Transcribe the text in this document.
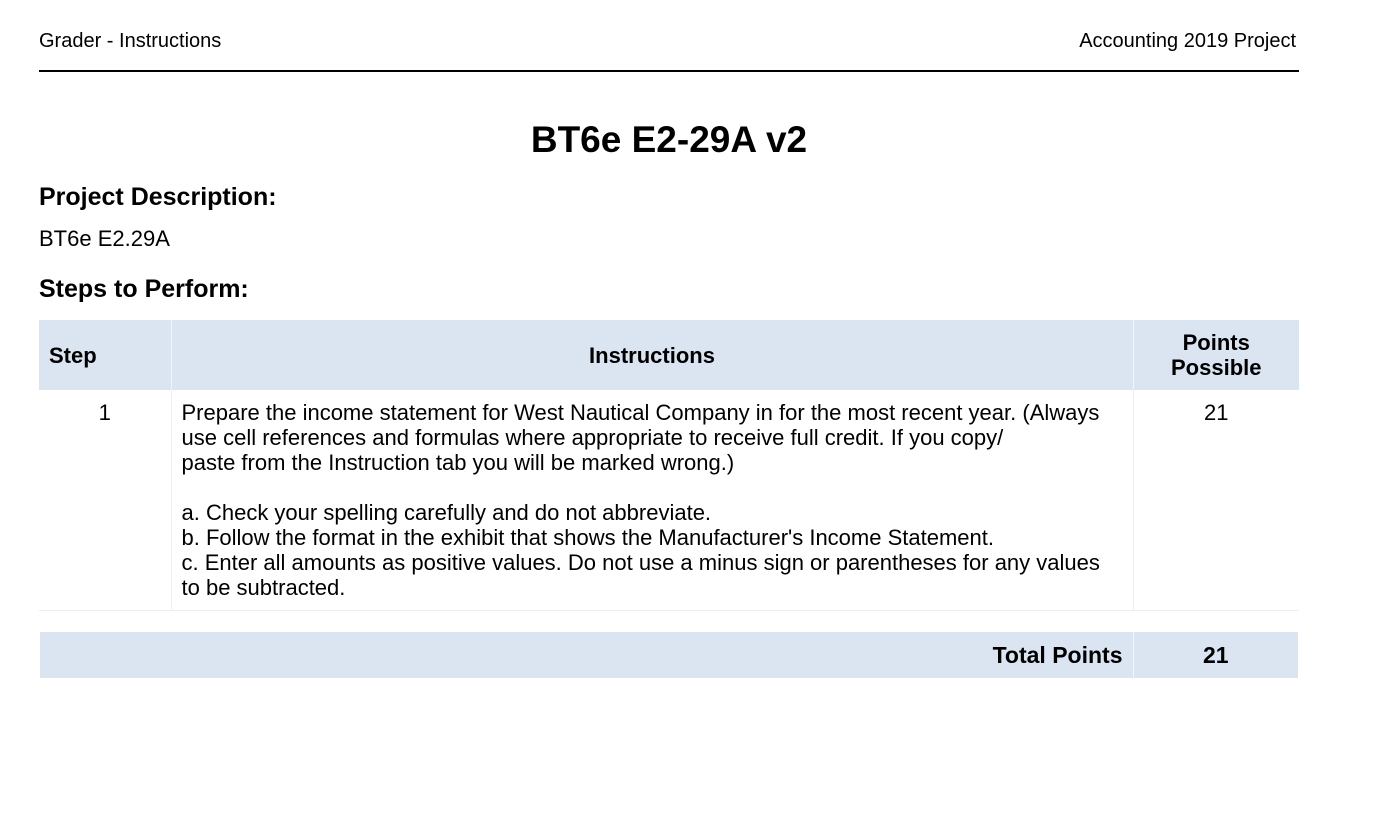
Grader - Instructions	Accounting 2019 Project
BT6e E2-29A v2
Project Description:
BT6e E2.29A
Steps to Perform:
Step	Instructions	Points
Possible

1	Prepare the income statement for West Nautical Company in for the most recent year. (Always use cell references and formulas where appropriate to receive full credit. If you copy/

paste from the Instruction tab you will be marked wrong.)

a. Check your spelling carefully and do not abbreviate.

b. Follow the format in the exhibit that shows the Manufacturer's Income Statement.

c. Enter all amounts as positive values. Do not use a minus sign or parentheses for any values to be subtracted.	21
Total Points	21
